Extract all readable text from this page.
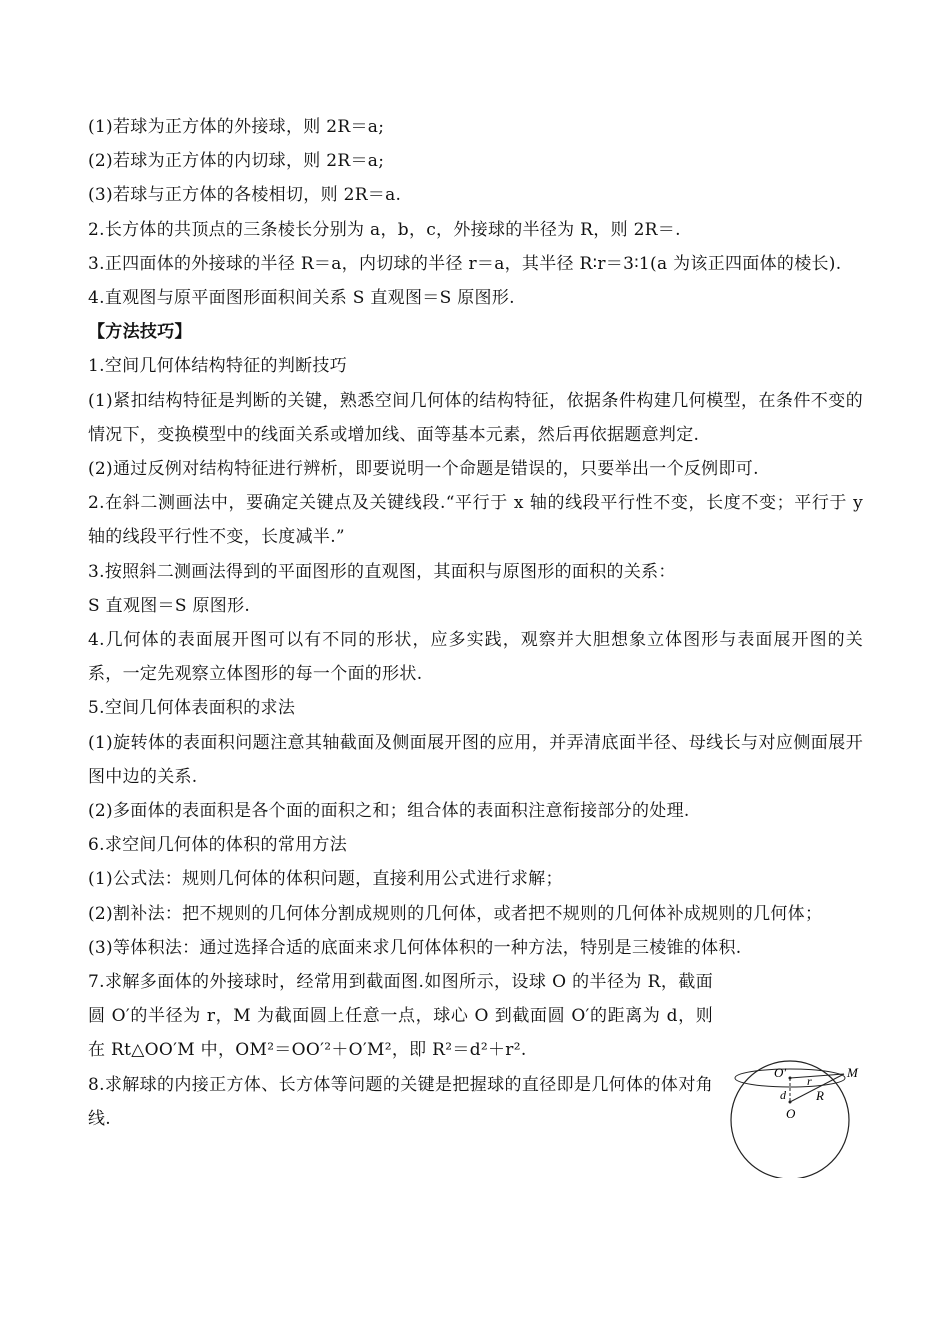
(1)若球为正方体的外接球，则 2R＝a;
(2)若球为正方体的内切球，则 2R＝a;
(3)若球与正方体的各棱相切，则 2R＝a.
2.长方体的共顶点的三条棱长分别为 a，b，c，外接球的半径为 R，则 2R＝.
3.正四面体的外接球的半径 R＝a，内切球的半径 r＝a，其半径 R∶r＝3∶1(a 为该正四面体的棱长).
4.直观图与原平面图形面积间关系 S 直观图＝S 原图形.
【方法技巧】
1.空间几何体结构特征的判断技巧
(1)紧扣结构特征是判断的关键，熟悉空间几何体的结构特征，依据条件构建几何模型，在条件不变的情况下，变换模型中的线面关系或增加线、面等基本元素，然后再依据题意判定.
(2)通过反例对结构特征进行辨析，即要说明一个命题是错误的，只要举出一个反例即可.
2.在斜二测画法中，要确定关键点及关键线段.“平行于 x 轴的线段平行性不变，长度不变；平行于 y 轴的线段平行性不变，长度减半.”
3.按照斜二测画法得到的平面图形的直观图，其面积与原图形的面积的关系：
S 直观图＝S 原图形.
4.几何体的表面展开图可以有不同的形状，应多实践，观察并大胆想象立体图形与表面展开图的关系，一定先观察立体图形的每一个面的形状.
5.空间几何体表面积的求法
(1)旋转体的表面积问题注意其轴截面及侧面展开图的应用，并弄清底面半径、母线长与对应侧面展开图中边的关系.
(2)多面体的表面积是各个面的面积之和；组合体的表面积注意衔接部分的处理.
6.求空间几何体的体积的常用方法
(1)公式法：规则几何体的体积问题，直接利用公式进行求解；
(2)割补法：把不规则的几何体分割成规则的几何体，或者把不规则的几何体补成规则的几何体；
(3)等体积法：通过选择合适的底面来求几何体体积的一种方法，特别是三棱锥的体积.
7.求解多面体的外接球时，经常用到截面图.如图所示，设球 O 的半径为 R，截面圆 O′的半径为 r，M 为截面圆上任意一点，球心 O 到截面圆 O′的距离为 d，则在 Rt△OO′M 中，OM²＝OO′²＋O′M²，即 R²＝d²＋r².
8.求解球的内接正方体、长方体等问题的关键是把握球的直径即是几何体的体对角线.
O′	M
r
d R
O
